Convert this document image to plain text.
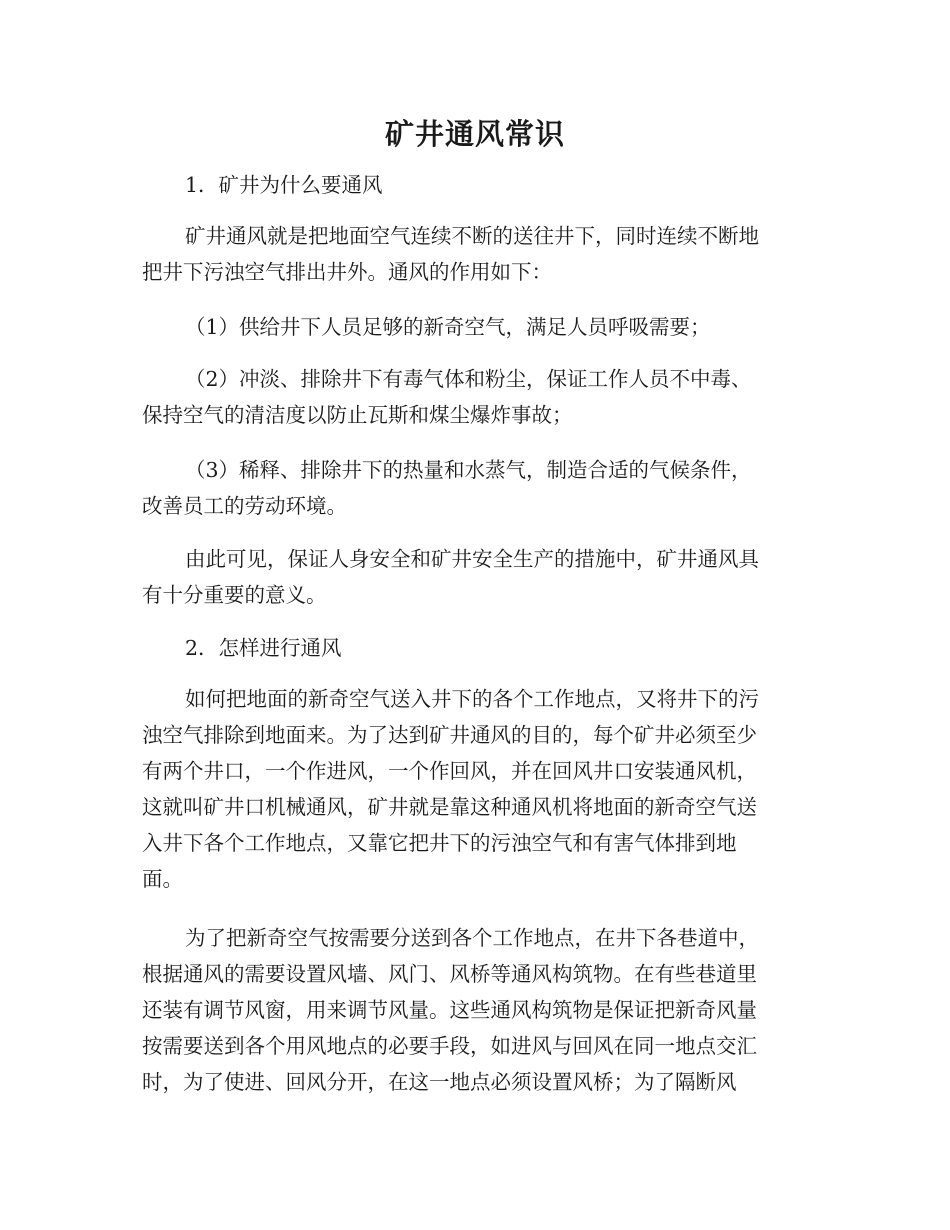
矿井通风常识
1．矿井为什么要通风
矿井通风就是把地面空气连续不断的送往井下，同时连续不断地
把井下污浊空气排出井外。通风的作用如下：
（1）供给井下人员足够的新奇空气，满足人员呼吸需要；
（2）冲淡、排除井下有毒气体和粉尘，保证工作人员不中毒、
保持空气的清洁度以防止瓦斯和煤尘爆炸事故；
（3）稀释、排除井下的热量和水蒸气，制造合适的气候条件，
改善员工的劳动环境。
由此可见，保证人身安全和矿井安全生产的措施中，矿井通风具
有十分重要的意义。
2．怎样进行通风
如何把地面的新奇空气送入井下的各个工作地点，又将井下的污
浊空气排除到地面来。为了达到矿井通风的目的，每个矿井必须至少
有两个井口，一个作进风，一个作回风，并在回风井口安装通风机，
这就叫矿井口机械通风，矿井就是靠这种通风机将地面的新奇空气送
入井下各个工作地点，又靠它把井下的污浊空气和有害气体排到地
面。
为了把新奇空气按需要分送到各个工作地点，在井下各巷道中，
根据通风的需要设置风墙、风门、风桥等通风构筑物。在有些巷道里
还装有调节风窗，用来调节风量。这些通风构筑物是保证把新奇风量
按需要送到各个用风地点的必要手段，如进风与回风在同一地点交汇
时，为了使进、回风分开，在这一地点必须设置风桥；为了隔断风
